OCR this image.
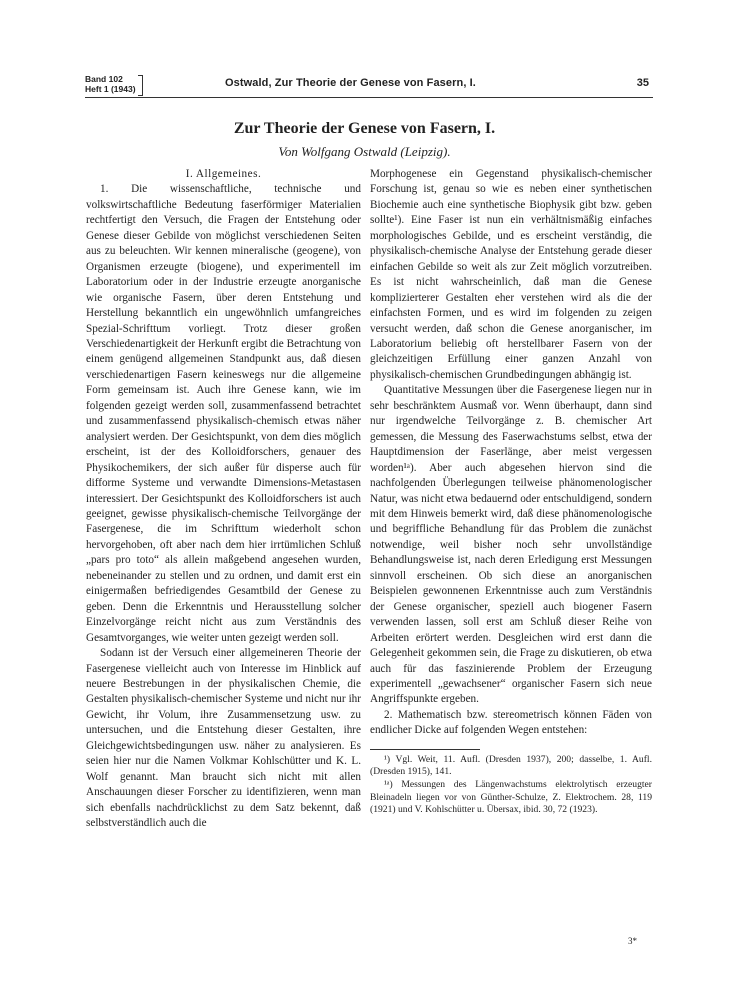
Band 102
Heft 1 (1943)	Ostwald, Zur Theorie der Genese von Fasern, I.	35
Zur Theorie der Genese von Fasern, I.
Von Wolfgang Ostwald (Leipzig).

I. Allgemeines.

1. Die wissenschaftliche, technische und volkswirtschaftliche Bedeutung faserförmiger Materialien rechtfertigt den Versuch, die Fragen der Entstehung oder Genese dieser Gebilde von möglichst verschiedenen Seiten aus zu beleuchten. Wir kennen mineralische (geogene), von Organismen erzeugte (biogene), und experimentell im Laboratorium oder in der Industrie erzeugte anorganische wie organische Fasern, über deren Entstehung und Herstellung bekanntlich ein ungewöhnlich umfangreiches Spezial-Schrifttum vorliegt. Trotz dieser großen Verschiedenartigkeit der Herkunft ergibt die Betrachtung von einem genügend allgemeinen Standpunkt aus, daß diesen verschiedenartigen Fasern keineswegs nur die allgemeine Form gemeinsam ist. Auch ihre Genese kann, wie im folgenden gezeigt werden soll, zusammenfassend betrachtet und zusammenfassend physikalisch-chemisch etwas näher analysiert werden. Der Gesichtspunkt, von dem dies möglich erscheint, ist der des Kolloidforschers, genauer des Physikochemikers, der sich außer für disperse auch für difforme Systeme und verwandte Dimensions-Metastasen interessiert. Der Gesichtspunkt des Kolloidforschers ist auch geeignet, gewisse physikalisch-chemische Teilvorgänge der Fasergenese, die im Schrifttum wiederholt schon hervorgehoben, oft aber nach dem hier irrtümlichen Schluß „pars pro toto“ als allein maßgebend angesehen wurden, nebeneinander zu stellen und zu ordnen, und damit erst ein einigermaßen befriedigendes Gesamtbild der Genese zu geben. Denn die Erkenntnis und Herausstellung solcher Einzelvorgänge reicht nicht aus zum Verständnis des Gesamtvorganges, wie weiter unten gezeigt werden soll.

Sodann ist der Versuch einer allgemeineren Theorie der Fasergenese vielleicht auch von Interesse im Hinblick auf neuere Bestrebungen in der physikalischen Chemie, die Gestalten physikalisch-chemischer Systeme und nicht nur ihr Gewicht, ihr Volum, ihre Zusammensetzung usw. zu untersuchen, und die Entstehung dieser Gestalten, ihre Gleichgewichtsbedingungen usw. näher zu analysieren. Es seien hier nur die Namen Volkmar Kohlschütter und K. L. Wolf genannt. Man braucht sich nicht mit allen Anschauungen dieser Forscher zu identifizieren, wenn man sich ebenfalls nachdrücklichst zu dem Satz bekennt, daß selbstverständlich auch die

Morphogenese ein Gegenstand physikalisch-chemischer Forschung ist, genau so wie es neben einer synthetischen Biochemie auch eine synthetische Biophysik gibt bzw. geben sollte¹). Eine Faser ist nun ein verhältnismäßig einfaches morphologisches Gebilde, und es erscheint verständig, die physikalisch-chemische Analyse der Entstehung gerade dieser einfachen Gebilde so weit als zur Zeit möglich vorzutreiben. Es ist nicht wahrscheinlich, daß man die Genese komplizierterer Gestalten eher verstehen wird als die der einfachsten Formen, und es wird im folgenden zu zeigen versucht werden, daß schon die Genese anorganischer, im Laboratorium beliebig oft herstellbarer Fasern von der gleichzeitigen Erfüllung einer ganzen Anzahl von physikalisch-chemischen Grundbedingungen abhängig ist.

Quantitative Messungen über die Fasergenese liegen nur in sehr beschränktem Ausmaß vor. Wenn überhaupt, dann sind nur irgendwelche Teilvorgänge z. B. chemischer Art gemessen, die Messung des Faserwachstums selbst, etwa der Hauptdimension der Faserlänge, aber meist vergessen worden¹ᵃ). Aber auch abgesehen hiervon sind die nachfolgenden Überlegungen teilweise phänomenologischer Natur, was nicht etwa bedauernd oder entschuldigend, sondern mit dem Hinweis bemerkt wird, daß diese phänomenologische und begriffliche Behandlung für das Problem die zunächst notwendige, weil bisher noch sehr unvollständige Behandlungsweise ist, nach deren Erledigung erst Messungen sinnvoll erscheinen. Ob sich diese an anorganischen Beispielen gewonnenen Erkenntnisse auch zum Verständnis der Genese organischer, speziell auch biogener Fasern verwenden lassen, soll erst am Schluß dieser Reihe von Arbeiten erörtert werden. Desgleichen wird erst dann die Gelegenheit gekommen sein, die Frage zu diskutieren, ob etwa auch für das faszinierende Problem der Erzeugung experimentell „gewachsener“ organischer Fasern sich neue Angriffspunkte ergeben.

2. Mathematisch bzw. stereometrisch können Fäden von endlicher Dicke auf folgenden Wegen entstehen:

¹) Vgl. Weit, 11. Aufl. (Dresden 1937), 200; dasselbe, 1. Aufl. (Dresden 1915), 141.

¹ᵃ) Messungen des Längenwachstums elektrolytisch erzeugter Bleinadeln liegen vor von Günther-Schulze, Z. Elektrochem. 28, 119 (1921) und V. Kohlschütter u. Übersax, ibid. 30, 72 (1923).

3*
